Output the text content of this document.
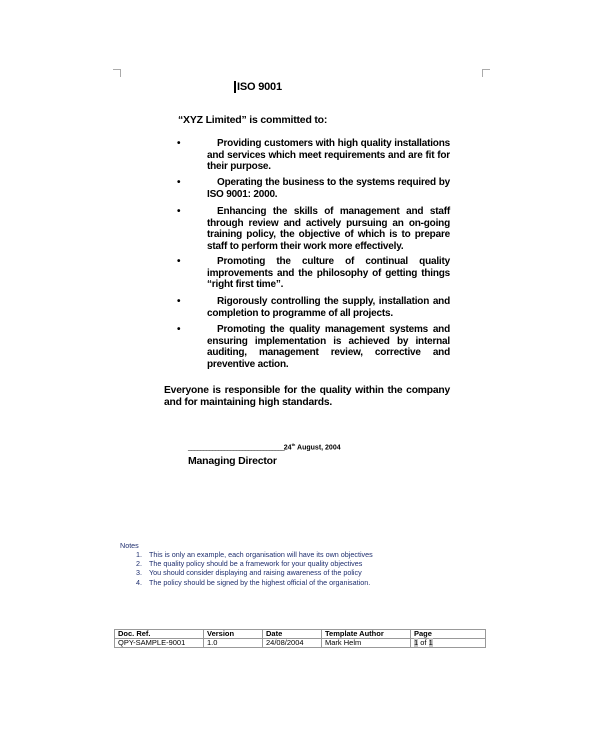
ISO 9001
“XYZ Limited” is committed to:
•	Providing customers with high quality installations and services which meet requirements and are fit for their purpose.
•	Operating the business to the systems required by ISO 9001: 2000.
•	Enhancing the skills of management and staff through review and actively pursuing an on-going training policy, the objective of which is to prepare staff to perform their work more effectively.
•	Promoting the culture of continual quality improvements and the philosophy of getting things “right first time”.
•	Rigorously controlling the supply, installation and completion to programme of all projects.
•	Promoting the quality management systems and ensuring implementation is achieved by internal auditing, management review, corrective and preventive action.
Everyone is responsible for the quality within the company and for maintaining high standards.
________________________________24th August, 2004
Managing Director
Notes
1. This is only an example, each organisation will have its own objectives
2. The quality policy should be a framework for your quality objectives
3. You should consider displaying and raising awareness of the policy
4. The policy should be signed by the highest official of the organisation.
Doc. Ref.	Version	Date	Template Author	Page
QPY-SAMPLE-9001	1.0	24/08/2004	Mark Helm	1 of 1
